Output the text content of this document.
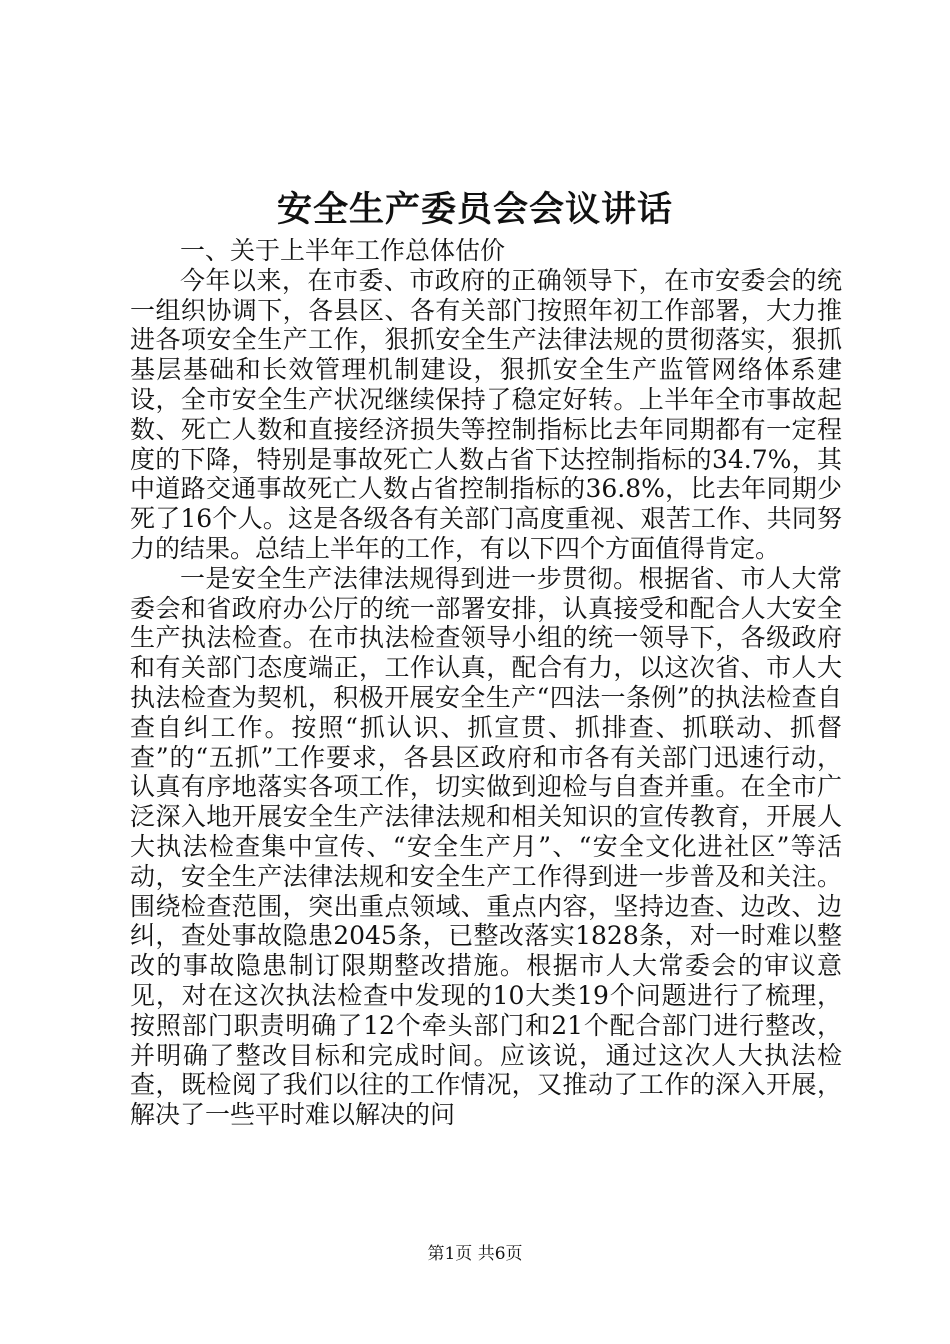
安全生产委员会会议讲话

一、关于上半年工作总体估价

今年以来，在市委、市政府的正确领导下，在市安委会的统一组织协调下，各县区、各有关部门按照年初工作部署，大力推进各项安全生产工作，狠抓安全生产法律法规的贯彻落实，狠抓基层基础和长效管理机制建设，狠抓安全生产监管网络体系建设，全市安全生产状况继续保持了稳定好转。上半年全市事故起数、死亡人数和直接经济损失等控制指标比去年同期都有一定程度的下降，特别是事故死亡人数占省下达控制指标的34.7%，其中道路交通事故死亡人数占省控制指标的36.8%，比去年同期少死了16个人。这是各级各有关部门高度重视、艰苦工作、共同努力的结果。总结上半年的工作，有以下四个方面值得肯定。

一是安全生产法律法规得到进一步贯彻。根据省、市人大常委会和省政府办公厅的统一部署安排，认真接受和配合人大安全生产执法检查。在市执法检查领导小组的统一领导下，各级政府和有关部门态度端正，工作认真，配合有力，以这次省、市人大执法检查为契机，积极开展安全生产“四法一条例”的执法检查自查自纠工作。按照“抓认识、抓宣贯、抓排查、抓联动、抓督查”的“五抓”工作要求，各县区政府和市各有关部门迅速行动，认真有序地落实各项工作，切实做到迎检与自查并重。在全市广泛深入地开展安全生产法律法规和相关知识的宣传教育，开展人大执法检查集中宣传、“安全生产月”、“安全文化进社区”等活动，安全生产法律法规和安全生产工作得到进一步普及和关注。围绕检查范围，突出重点领域、重点内容，坚持边查、边改、边纠，查处事故隐患2045条，已整改落实1828条，对一时难以整改的事故隐患制订限期整改措施。根据市人大常委会的审议意见，对在这次执法检查中发现的10大类19个问题进行了梳理，按照部门职责明确了12个牵头部门和21个配合部门进行整改，并明确了整改目标和完成时间。应该说，通过这次人大执法检查，既检阅了我们以往的工作情况，又推动了工作的深入开展，解决了一些平时难以解决的问

第1页 共6页
